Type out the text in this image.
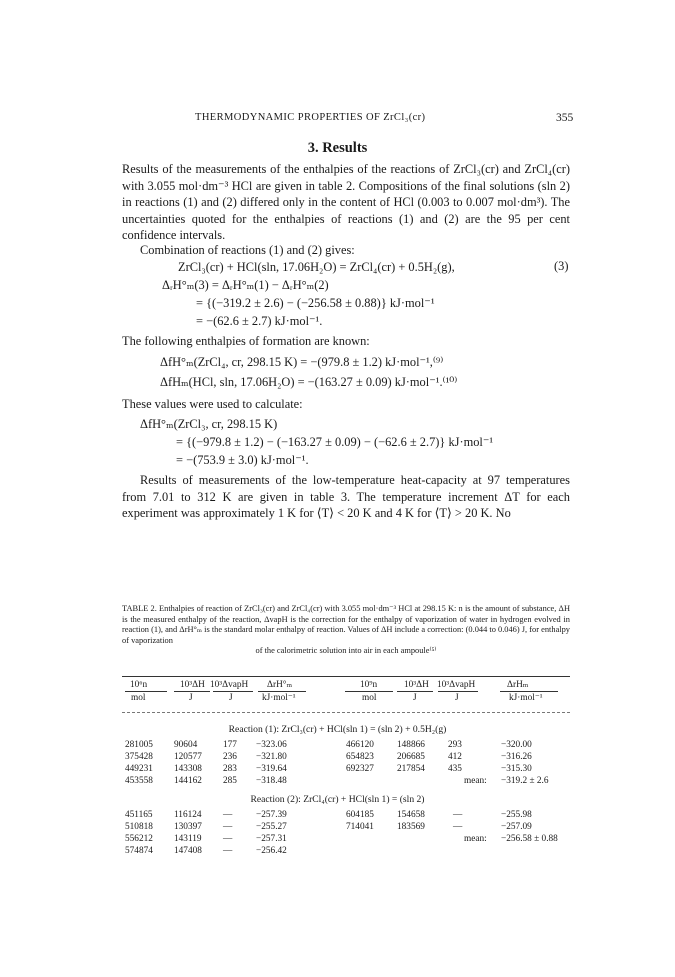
THERMODYNAMIC PROPERTIES OF ZrCl₃(cr)	355
3. Results

Results of the measurements of the enthalpies of the reactions of ZrCl₃(cr) and ZrCl₄(cr) with 3.055 mol·dm⁻³ HCl are given in table 2. Compositions of the final solutions (sln 2) in reactions (1) and (2) differed only in the content of HCl (0.003 to 0.007 mol·dm³). The uncertainties quoted for the enthalpies of reactions (1) and (2) are the 95 per cent confidence intervals.

Combination of reactions (1) and (2) gives:

ZrCl₃(cr) + HCl(sln, 17.06H₂O) = ZrCl₄(cr) + 0.5H₂(g),	(3)
ΔᵣH°ₘ(3) = ΔᵣH°ₘ(1) − ΔᵣH°ₘ(2)
= {(−319.2 ± 2.6) − (−256.58 ± 0.88)} kJ·mol⁻¹
= −(62.6 ± 2.7) kJ·mol⁻¹.

The following enthalpies of formation are known:

ΔfH°ₘ(ZrCl₄, cr, 298.15 K) = −(979.8 ± 1.2) kJ·mol⁻¹,⁽⁹⁾
ΔfHₘ(HCl, sln, 17.06H₂O) = −(163.27 ± 0.09) kJ·mol⁻¹.⁽¹⁰⁾

These values were used to calculate:

ΔfH°ₘ(ZrCl₃, cr, 298.15 K)
= {(−979.8 ± 1.2) − (−163.27 ± 0.09) − (−62.6 ± 2.7)} kJ·mol⁻¹
= −(753.9 ± 3.0) kJ·mol⁻¹.

Results of measurements of the low-temperature heat-capacity at 97 temperatures from 7.01 to 312 K are given in table 3. The temperature increment ΔT for each experiment was approximately 1 K for ⟨T⟩ < 20 K and 4 K for ⟨T⟩ > 20 K. No

TABLE 2. Enthalpies of reaction of ZrCl₃(cr) and ZrCl₄(cr) with 3.055 mol·dm⁻³ HCl at 298.15 K: n is the amount of substance, ΔH is the measured enthalpy of the reaction, ΔvapH is the correction for the enthalpy of vaporization of water in hydrogen evolved in reaction (1), and ΔrH°ₘ is the standard molar enthalpy of reaction. Values of ΔH include a correction: (0.044 to 0.046) J, for enthalpy of vaporization
of the calorimetric solution into air in each ampoule⁽⁵⁾

10⁶n	10³ΔH 10³ΔvapH ΔrH°ₘ	10⁹n	10³ΔH 10³ΔvapH	ΔrHₘ
mol	J	J	kJ·mol⁻¹	mol	J	J	kJ·mol⁻¹
Reaction (1): ZrCl₃(cr) + HCl(sln 1) = (sln 2) + 0.5H₂(g)
281005 90604	177 −323.06	466120 148866 293	−320.00
375428 120577 236 −321.80	654823 206685 412	−316.26
449231 143308 283 −319.64	692327 217854 435	−315.30
453558 144162 285 −318.48	mean: −319.2 ± 2.6
Reaction (2): ZrCl₄(cr) + HCl(sln 1) = (sln 2)
451165 116124 —	−257.39	604185 154658	—	−255.98
510818 130397 —	−255.27	714041 183569	—	−257.09
556212 143119 —	−257.31	mean: −256.58 ± 0.88
574874 147408 —	−256.42
